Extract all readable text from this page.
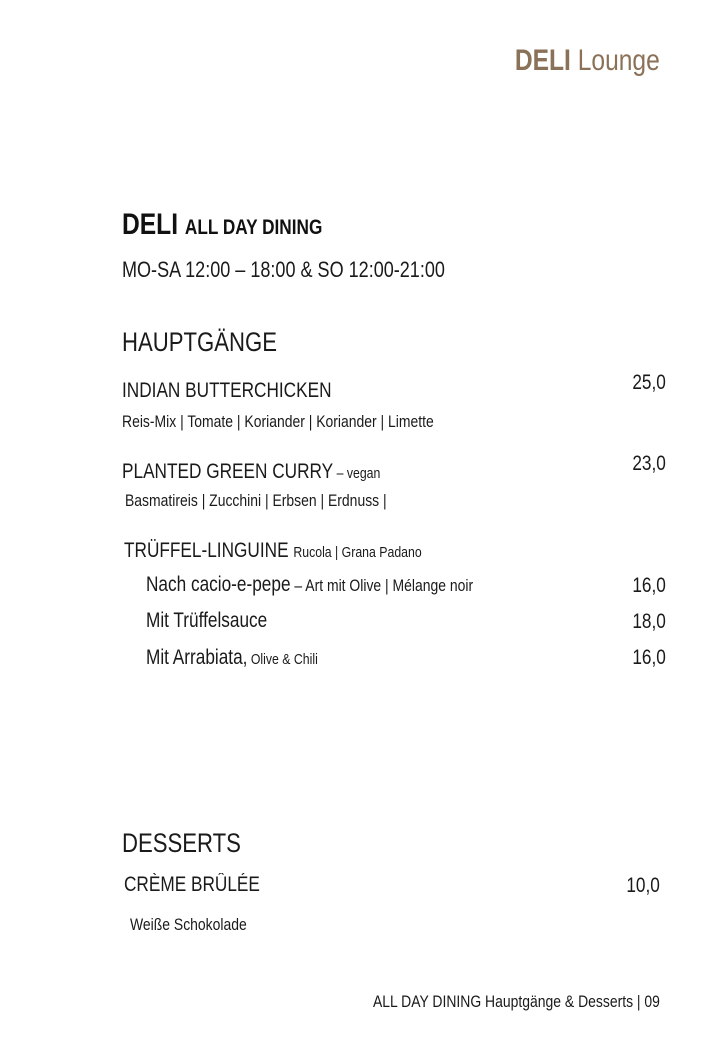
DELI Lounge
DELI ALL DAY DINING
MO-SA 12:00 – 18:00 & SO 12:00-21:00
HAUPTGÄNGE
INDIAN BUTTERCHICKEN
Reis-Mix | Tomate | Koriander | Koriander | Limette
25,0
PLANTED GREEN CURRY – vegan
Basmatireis | Zucchini | Erbsen | Erdnuss |
23,0
TRÜFFEL-LINGUINE Rucola | Grana Padano
Nach cacio-e-pepe – Art mit Olive | Mélange noir	16,0
Mit Trüffelsauce	18,0
Mit Arrabiata, Olive & Chili	16,0
DESSERTS
CRÈME BRÛLÉE
Weiße Schokolade
10,0
ALL DAY DINING Hauptgänge & Desserts | 09
